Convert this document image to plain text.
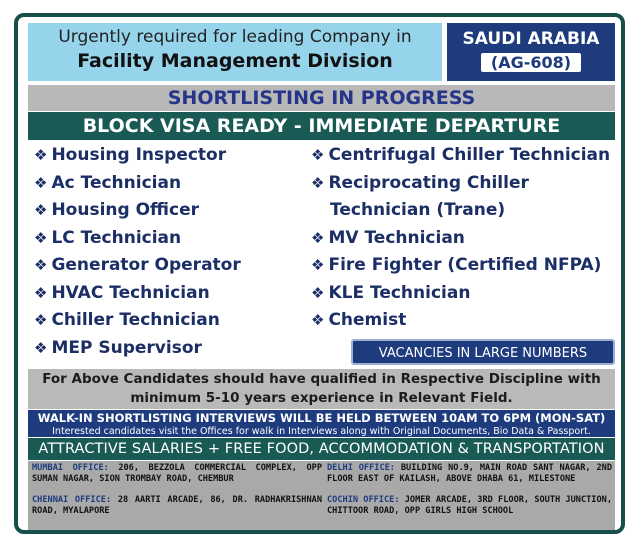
Urgently required for leading Company in
Facility Management Division
SAUDI ARABIA
(AG-608)
SHORTLISTING IN PROGRESS
BLOCK VISA READY - IMMEDIATE DEPARTURE
❖ Housing Inspector
❖ Ac Technician
❖ Housing Officer
❖ LC Technician
❖ Generator Operator
❖ HVAC Technician
❖ Chiller Technician
❖ MEP Supervisor
❖ Centrifugal Chiller Technician
❖ Reciprocating Chiller
Technician (Trane)
❖ MV Technician
❖ Fire Fighter (Certified NFPA)
❖ KLE Technician
❖ Chemist
VACANCIES IN LARGE NUMBERS
For Above Candidates should have qualified in Respective Discipline with
minimum 5-10 years experience in Relevant Field.
WALK-IN SHORTLISTING INTERVIEWS WILL BE HELD BETWEEN 10AM TO 6PM (MON-SAT)
Interested candidates visit the Offices for walk in Interviews along with Original Documents, Bio Data & Passport.
ATTRACTIVE SALARIES + FREE FOOD, ACCOMMODATION & TRANSPORTATION
MUMBAI OFFICE: 206, BEZZOLA COMMERCIAL COMPLEX, OPP SUMAN NAGAR, SION TROMBAY ROAD, CHEMBUR
DELHI OFFICE: BUILDING NO.9, MAIN ROAD SANT NAGAR, 2ND FLOOR EAST OF KAILASH, ABOVE DHABA 61, MILESTONE
CHENNAI OFFICE: 28 AARTI ARCADE, 86, DR. RADHAKRISHNAN ROAD, MYALAPORE
COCHIN OFFICE: JOMER ARCADE, 3RD FLOOR, SOUTH JUNCTION, CHITTOOR ROAD, OPP GIRLS HIGH SCHOOL
